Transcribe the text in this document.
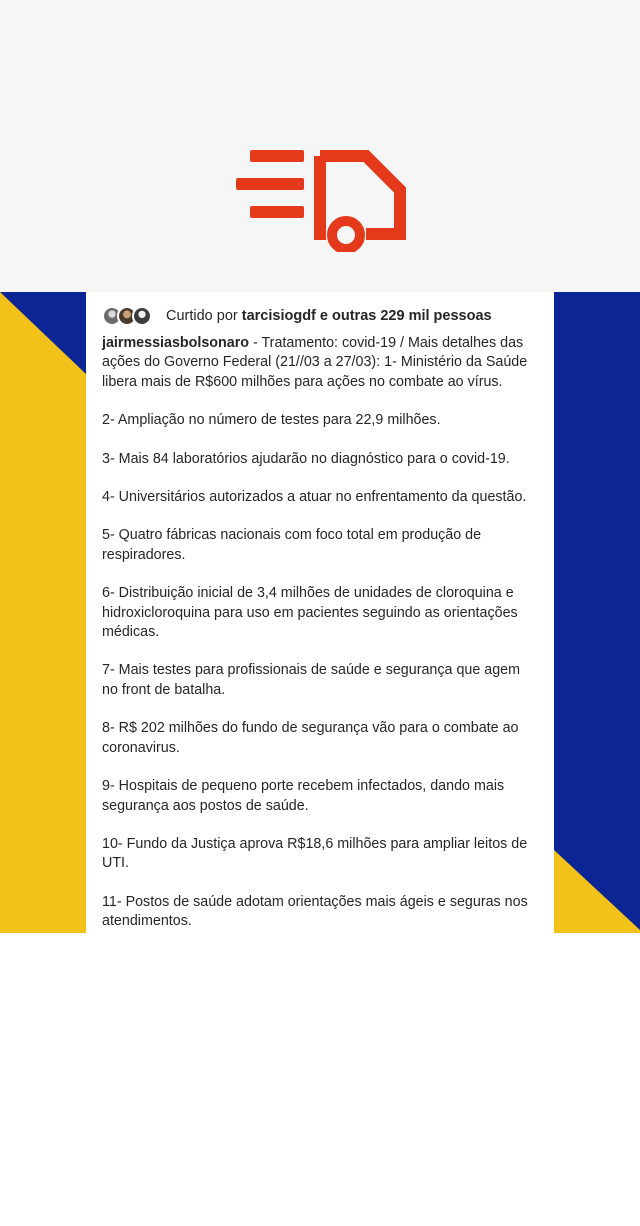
Curtido por tarcisiogdf e outras 229 mil pessoas

jairmessiasbolsonaro - Tratamento: covid-19 / Mais detalhes das ações do Governo Federal (21//03 a 27/03): 1- Ministério da Saúde libera mais de R$600 milhões para ações no combate ao vírus.

2- Ampliação no número de testes para 22,9 milhões.

3- Mais 84 laboratórios ajudarão no diagnóstico para o covid-19.

4- Universitários autorizados a atuar no enfrentamento da questão.

5- Quatro fábricas nacionais com foco total em produção de respiradores.

6- Distribuição inicial de 3,4 milhões de unidades de cloroquina e hidroxicloroquina para uso em pacientes seguindo as orientações médicas.

7- Mais testes para profissionais de saúde e segurança que agem no front de batalha.

8- R$ 202 milhões do fundo de segurança vão para o combate ao coronavirus.

9- Hospitais de pequeno porte recebem infectados, dando mais segurança aos postos de saúde.

10- Fundo da Justiça aprova R$18,6 milhões para ampliar leitos de UTI.

11- Postos de saúde adotam orientações mais ágeis e seguras nos atendimentos.
